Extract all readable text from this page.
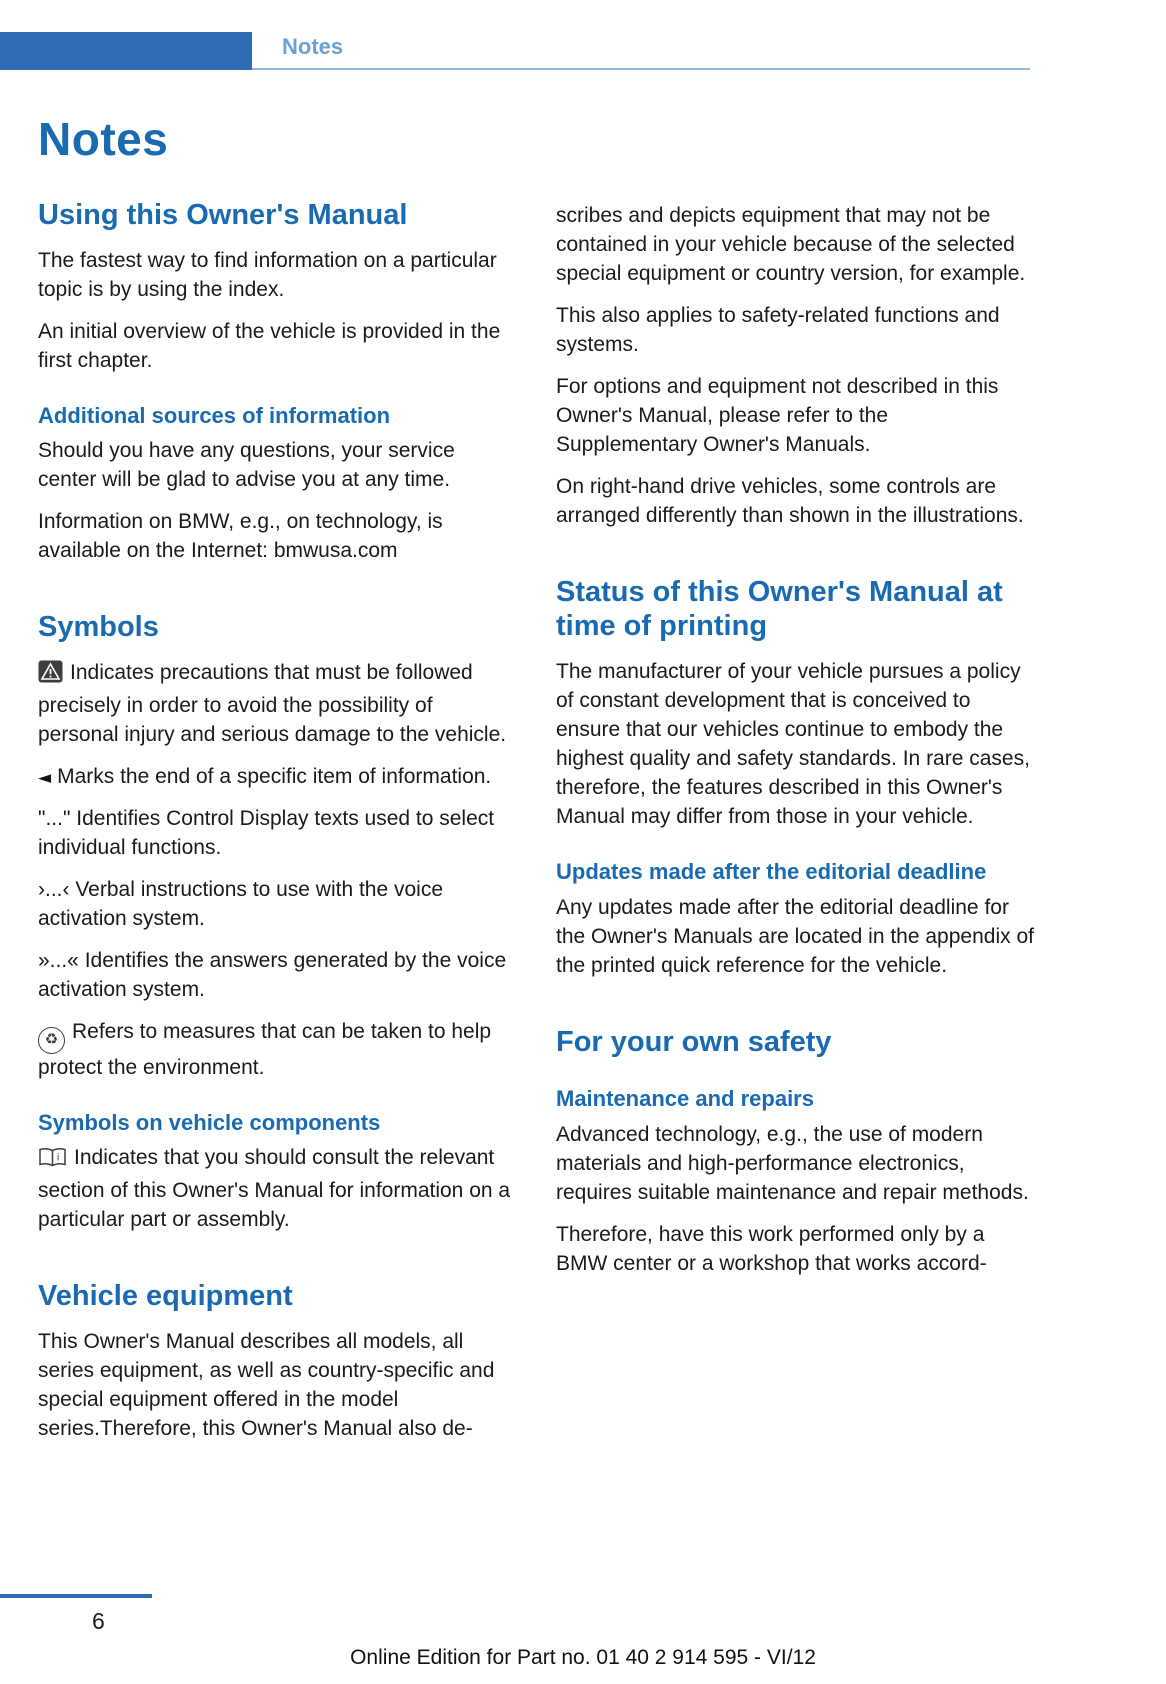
Notes
Notes
Using this Owner's Manual

The fastest way to find information on a particular topic is by using the index.

An initial overview of the vehicle is provided in the first chapter.

Additional sources of information

Should you have any questions, your service center will be glad to advise you at any time.

Information on BMW, e.g., on technology, is available on the Internet: bmwusa.com

Symbols

Indicates precautions that must be followed precisely in order to avoid the possibility of personal injury and serious damage to the vehicle.

◄ Marks the end of a specific item of information.

"..." Identifies Control Display texts used to select individual functions.

›...‹ Verbal instructions to use with the voice activation system.

»...« Identifies the answers generated by the voice activation system.

♻ Refers to measures that can be taken to help protect the environment.

Symbols on vehicle components

i Indicates that you should consult the relevant section of this Owner's Manual for information on a particular part or assembly.

Vehicle equipment

This Owner's Manual describes all models, all series equipment, as well as country-specific and special equipment offered in the model series.Therefore, this Owner's Manual also de-

scribes and depicts equipment that may not be contained in your vehicle because of the selected special equipment or country version, for example.

This also applies to safety-related functions and systems.

For options and equipment not described in this Owner's Manual, please refer to the Supplementary Owner's Manuals.

On right-hand drive vehicles, some controls are arranged differently than shown in the illustrations.

Status of this Owner's Manual at time of printing

The manufacturer of your vehicle pursues a policy of constant development that is conceived to ensure that our vehicles continue to embody the highest quality and safety standards. In rare cases, therefore, the features described in this Owner's Manual may differ from those in your vehicle.

Updates made after the editorial deadline

Any updates made after the editorial deadline for the Owner's Manuals are located in the appendix of the printed quick reference for the vehicle.

For your own safety
Maintenance and repairs

Advanced technology, e.g., the use of modern materials and high-performance electronics, requires suitable maintenance and repair methods.

Therefore, have this work performed only by a BMW center or a workshop that works accord-

6
Online Edition for Part no. 01 40 2 914 595 - VI/12
